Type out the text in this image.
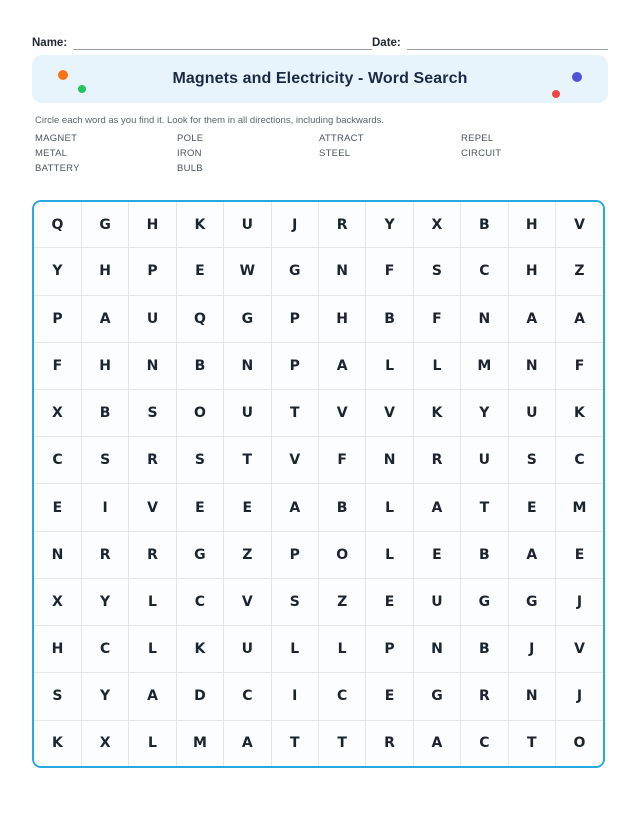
Name:	Date:
Magnets and Electricity - Word Search
Circle each word as you find it. Look for them in all directions, including backwards.
MAGNET
METAL
BATTERY
POLE
IRON
BULB
ATTRACT
STEEL
REPEL
CIRCUIT
Q	G	H	K	U	J	R	Y	X	B	H	V
Y	H	P	E	W	G	N	F	S	C	H	Z
P	A	U	Q	G	P	H	B	F	N	A	A
F	H	N	B	N	P	A	L	L	M	N	F
X	B	S	O	U	T	V	V	K	Y	U	K
C	S	R	S	T	V	F	N	R	U	S	C
E	I	V	E	E	A	B	L	A	T	E	M
N	R	R	G	Z	P	O	L	E	B	A	E
X	Y	L	C	V	S	Z	E	U	G	G	J
H	C	L	K	U	L	L	P	N	B	J	V
S	Y	A	D	C	I	C	E	G	R	N	J
K	X	L	M	A	T	T	R	A	C	T	O
